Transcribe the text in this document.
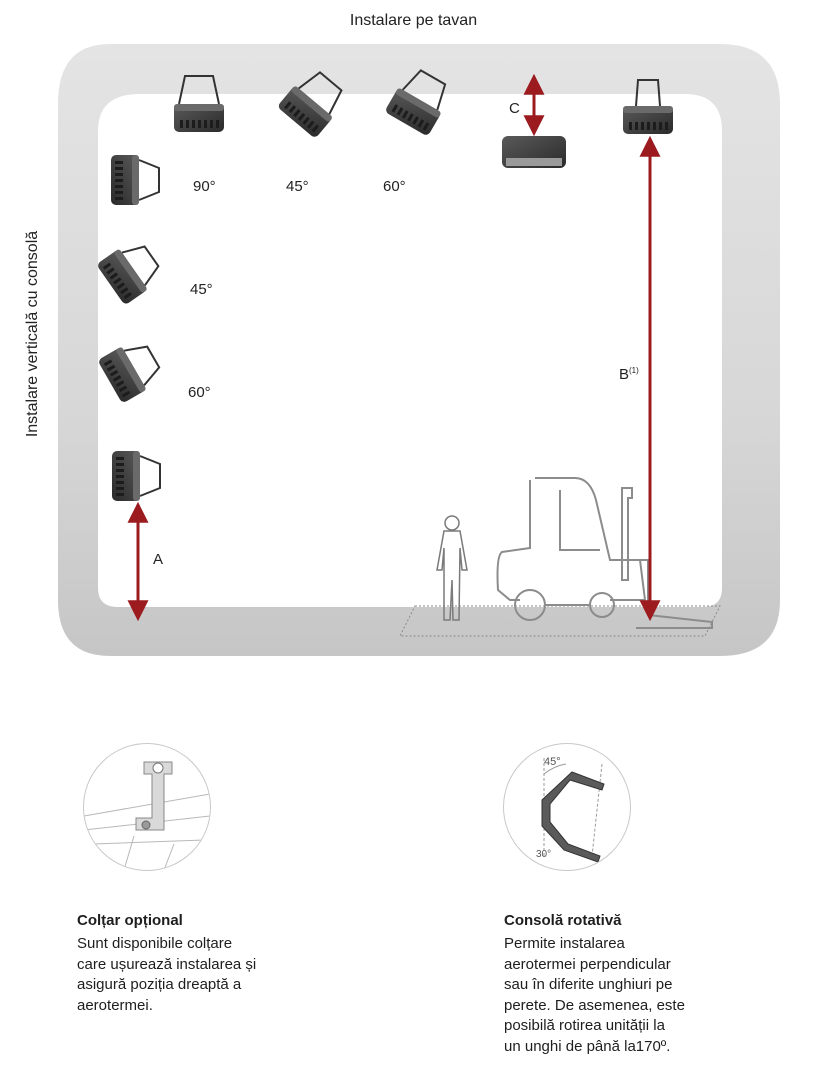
Instalare pe tavan
Instalare verticală cu consolă
90°	45°	60°
45°
60°
A
$B^{(1)}$
C
Colțar opțional
Sunt disponibile colțare
care ușurează instalarea și
asigură poziția dreaptă a
aerotermei.
45°
30°
Consolă rotativă
Permite instalarea
aerotermei perpendicular
sau în diferite unghiuri pe
perete. De asemenea, este
posibilă rotirea unității la
un unghi de până la170º.
